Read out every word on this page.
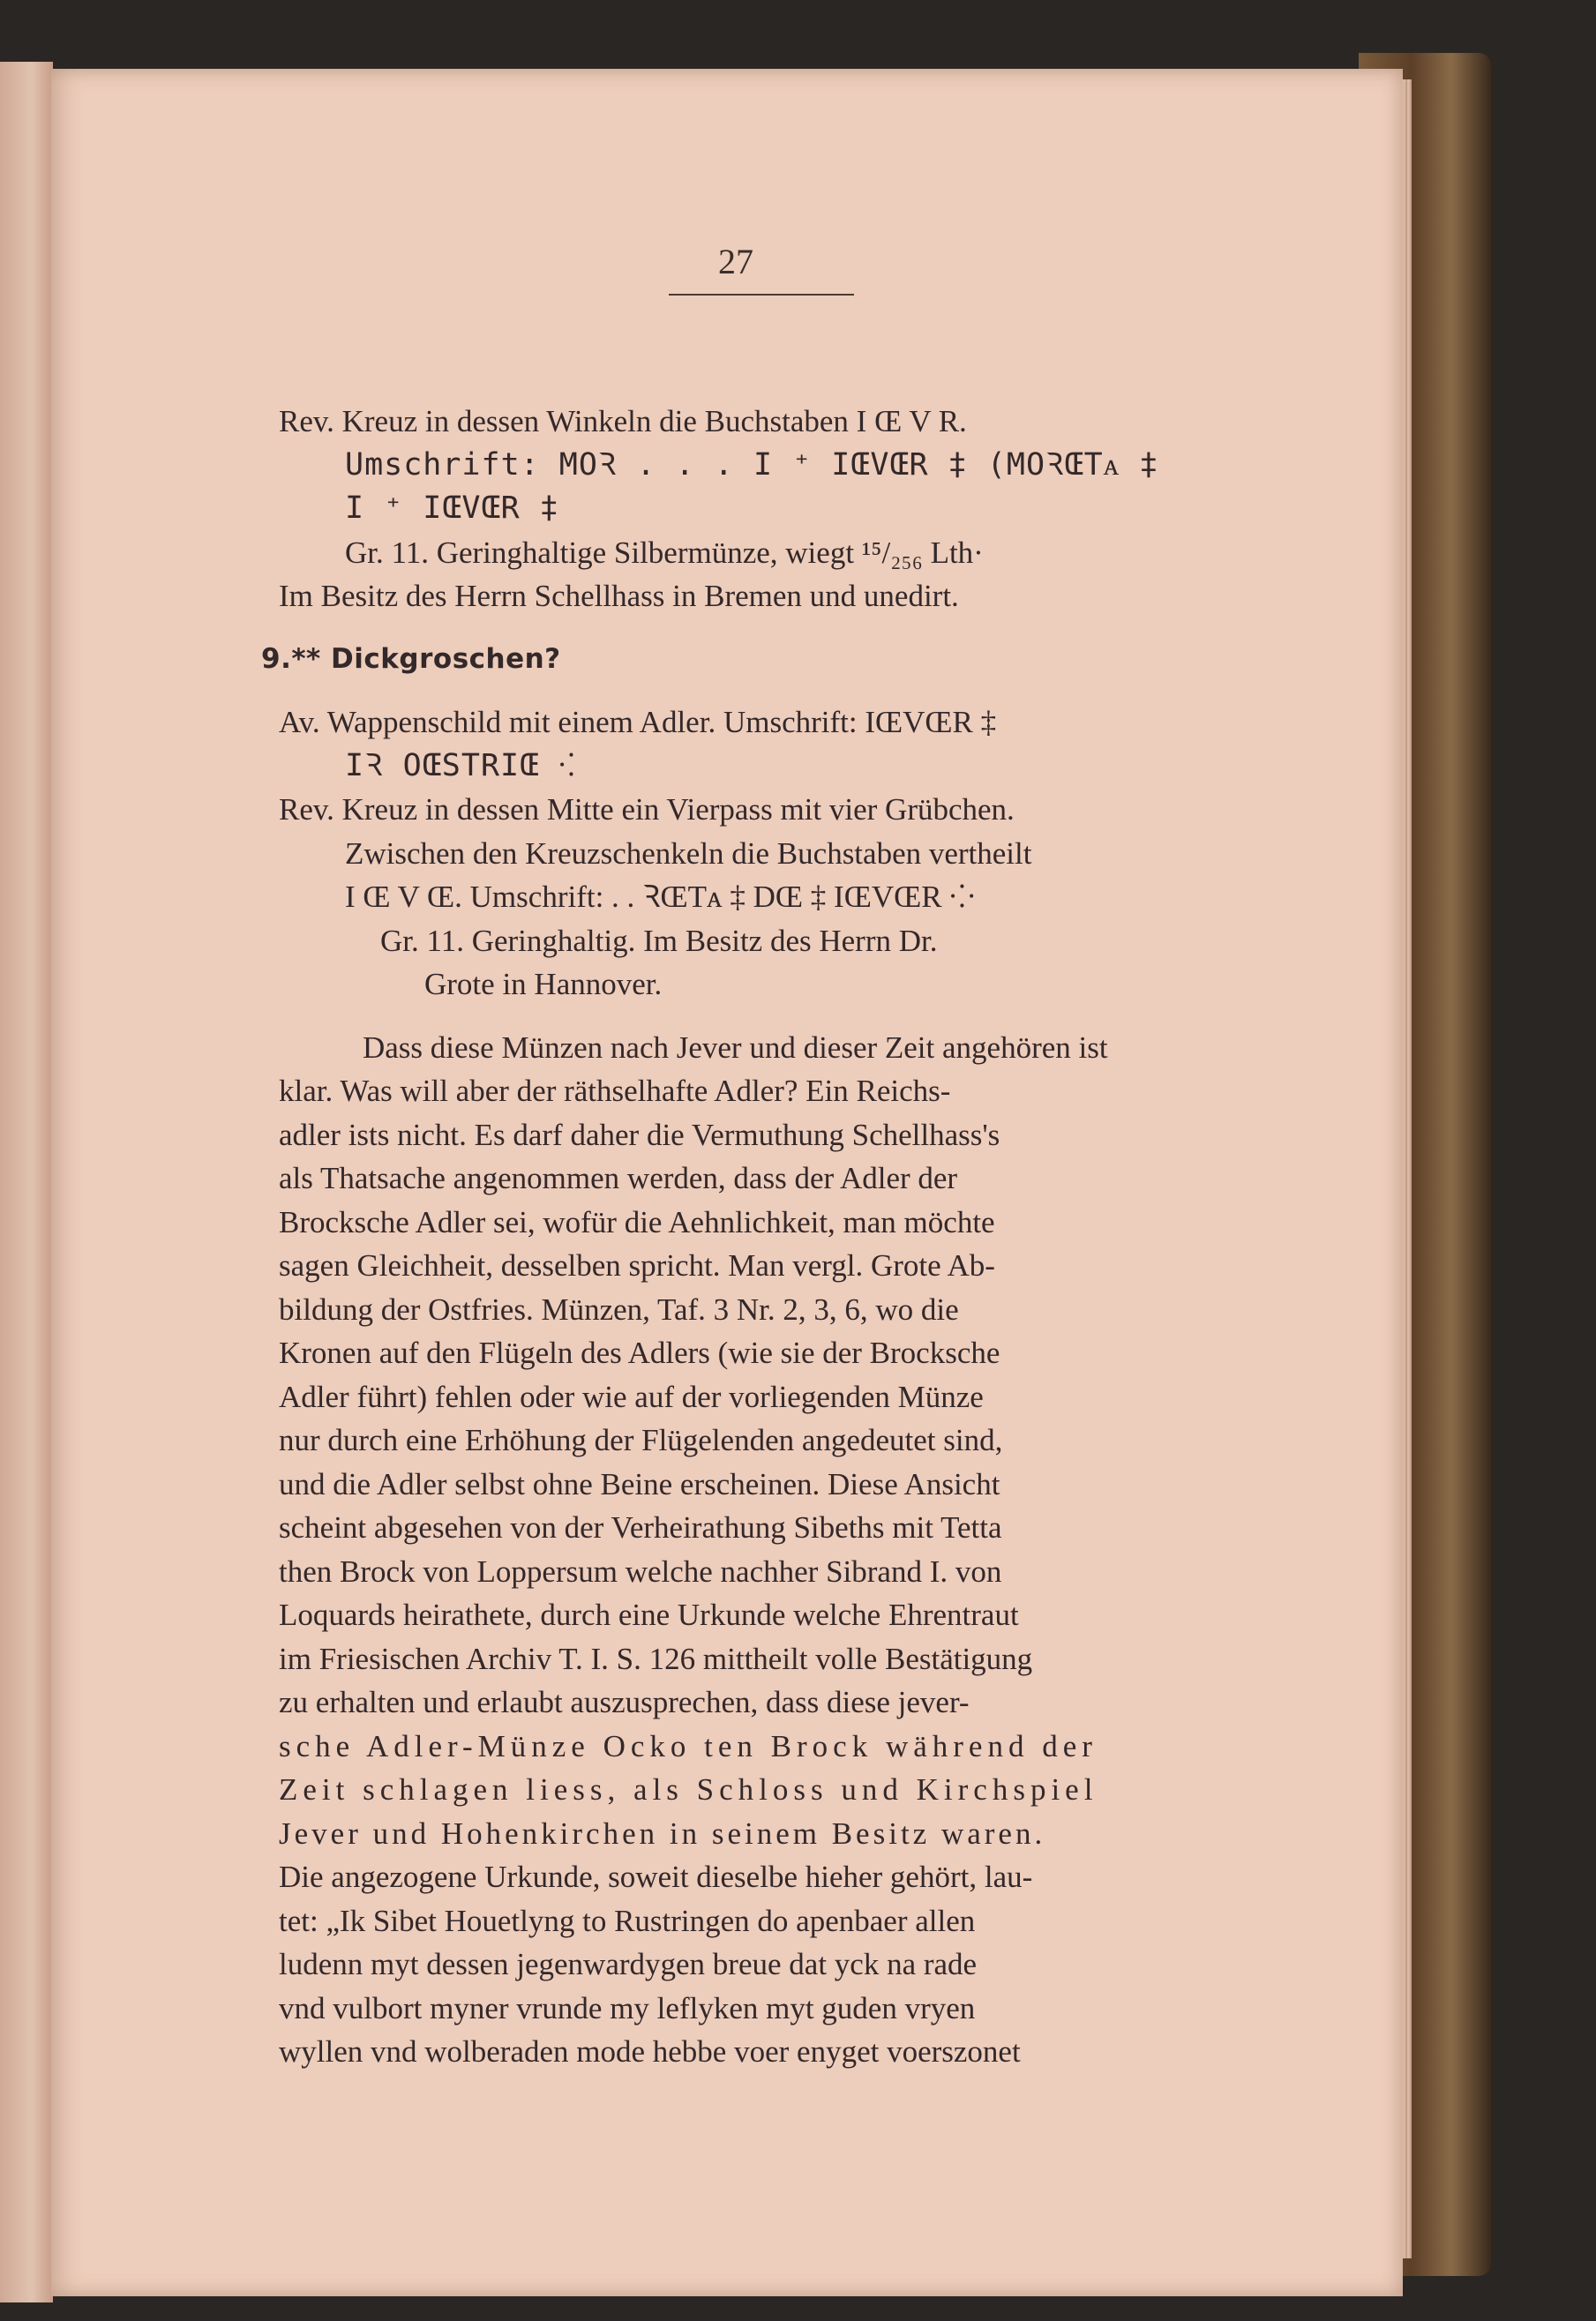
27
Rev. Kreuz in dessen Winkeln die Buchstaben I Œ V R.
Umschrift: MOꝚ . . . I ⁺ IŒVŒR ‡ (MOꝚŒTᴀ ‡
I ⁺ IŒVŒR ‡
Gr. 11. Geringhaltige Silbermünze, wiegt ¹⁵/₂₅₆ Lth·
Im Besitz des Herrn Schellhass in Bremen und unedirt.
9.** Dickgroschen?
Av. Wappenschild mit einem Adler. Umschrift: IŒVŒR ‡
IꝚ OŒSTRIŒ ⁖
Rev. Kreuz in dessen Mitte ein Vierpass mit vier Grübchen.
Zwischen den Kreuzschenkeln die Buchstaben vertheilt
I Œ V Œ. Umschrift: . . ꝚŒTᴀ ‡ DŒ ‡ IŒVŒR ⁘
Gr. 11. Geringhaltig. Im Besitz des Herrn Dr.
Grote in Hannover.
Dass diese Münzen nach Jever und dieser Zeit angehören ist
klar. Was will aber der räthselhafte Adler? Ein Reichs-
adler ists nicht. Es darf daher die Vermuthung Schellhass's
als Thatsache angenommen werden, dass der Adler der
Brocksche Adler sei, wofür die Aehnlichkeit, man möchte
sagen Gleichheit, desselben spricht. Man vergl. Grote Ab-
bildung der Ostfries. Münzen, Taf. 3 Nr. 2, 3, 6, wo die
Kronen auf den Flügeln des Adlers (wie sie der Brocksche
Adler führt) fehlen oder wie auf der vorliegenden Münze
nur durch eine Erhöhung der Flügelenden angedeutet sind,
und die Adler selbst ohne Beine erscheinen. Diese Ansicht
scheint abgesehen von der Verheirathung Sibeths mit Tetta
then Brock von Loppersum welche nachher Sibrand I. von
Loquards heirathete, durch eine Urkunde welche Ehrentraut
im Friesischen Archiv T. I. S. 126 mittheilt volle Bestätigung
zu erhalten und erlaubt auszusprechen, dass diese jever-
sche Adler-Münze Ocko ten Brock während der
Zeit schlagen liess, als Schloss und Kirchspiel
Jever und Hohenkirchen in seinem Besitz waren.
Die angezogene Urkunde, soweit dieselbe hieher gehört, lau-
tet: „Ik Sibet Houetlyng to Rustringen do apenbaer allen
ludenn myt dessen jegenwardygen breue dat yck na rade
vnd vulbort myner vrunde my leflyken myt guden vryen
wyllen vnd wolberaden mode hebbe voer enyget voerszonet
